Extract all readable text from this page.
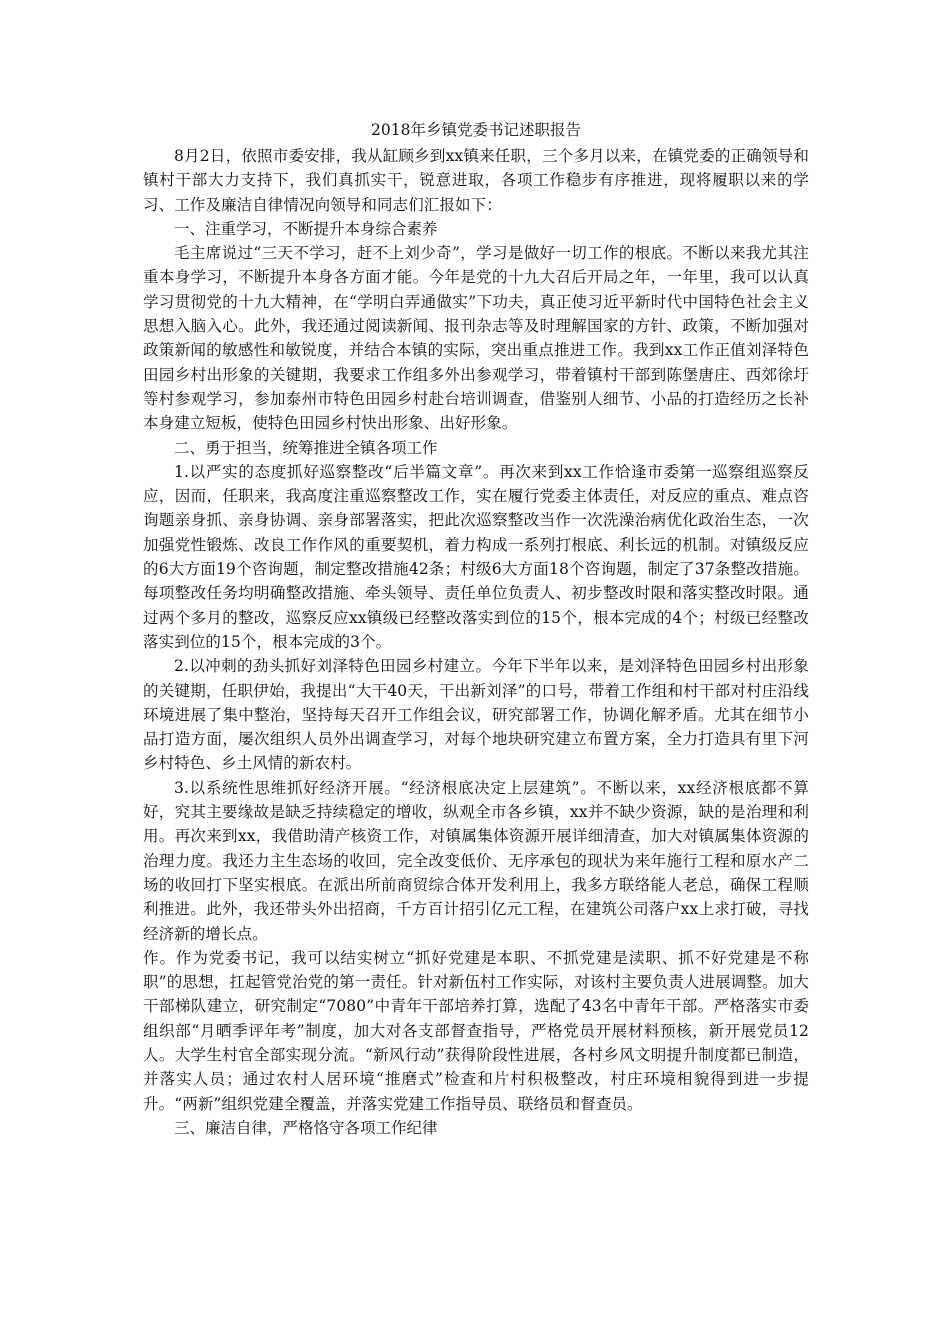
2018年乡镇党委书记述职报告

8月2日，依照市委安排，我从缸顾乡到xx镇来任职，三个多月以来，在镇党委的正确领导和镇村干部大力支持下，我们真抓实干，锐意进取，各项工作稳步有序推进，现将履职以来的学习、工作及廉洁自律情况向领导和同志们汇报如下：

一、注重学习，不断提升本身综合素养

毛主席说过“三天不学习，赶不上刘少奇”，学习是做好一切工作的根底。不断以来我尤其注重本身学习，不断提升本身各方面才能。今年是党的十九大召后开局之年，一年里，我可以认真学习贯彻党的十九大精神，在“学明白弄通做实”下功夫，真正使习近平新时代中国特色社会主义思想入脑入心。此外，我还通过阅读新闻、报刊杂志等及时理解国家的方针、政策，不断加强对政策新闻的敏感性和敏锐度，并结合本镇的实际，突出重点推进工作。我到xx工作正值刘泽特色田园乡村出形象的关键期，我要求工作组多外出参观学习，带着镇村干部到陈堡唐庄、西郊徐圩等村参观学习，参加泰州市特色田园乡村赴台培训调查，借鉴别人细节、小品的打造经历之长补本身建立短板，使特色田园乡村快出形象、出好形象。

二、勇于担当，统筹推进全镇各项工作

1.以严实的态度抓好巡察整改“后半篇文章”。再次来到xx工作恰逢市委第一巡察组巡察反应，因而，任职来，我高度注重巡察整改工作，实在履行党委主体责任，对反应的重点、难点咨询题亲身抓、亲身协调、亲身部署落实，把此次巡察整改当作一次洗澡治病优化政治生态，一次加强党性锻炼、改良工作作风的重要契机，着力构成一系列打根底、利长远的机制。对镇级反应的6大方面19个咨询题，制定整改措施42条；村级6大方面18个咨询题，制定了37条整改措施。每项整改任务均明确整改措施、牵头领导、责任单位负责人、初步整改时限和落实整改时限。通过两个多月的整改，巡察反应xx镇级已经整改落实到位的15个，根本完成的4个；村级已经整改落实到位的15个，根本完成的3个。

2.以冲刺的劲头抓好刘泽特色田园乡村建立。今年下半年以来，是刘泽特色田园乡村出形象的关键期，任职伊始，我提出“大干40天，干出新刘泽”的口号，带着工作组和村干部对村庄沿线环境进展了集中整治，坚持每天召开工作组会议，研究部署工作，协调化解矛盾。尤其在细节小品打造方面，屡次组织人员外出调查学习，对每个地块研究建立布置方案，全力打造具有里下河乡村特色、乡土风情的新农村。

3.以系统性思维抓好经济开展。“经济根底决定上层建筑”。不断以来，xx经济根底都不算好，究其主要缘故是缺乏持续稳定的增收，纵观全市各乡镇，xx并不缺少资源，缺的是治理和利用。再次来到xx，我借助清产核资工作，对镇属集体资源开展详细清查，加大对镇属集体资源的治理力度。我还力主生态场的收回，完全改变低价、无序承包的现状为来年施行工程和原水产二场的收回打下坚实根底。在派出所前商贸综合体开发利用上，我多方联络能人老总，确保工程顺利推进。此外，我还带头外出招商，千方百计招引亿元工程，在建筑公司落户xx上求打破，寻找经济新的增长点。

作。作为党委书记，我可以结实树立“抓好党建是本职、不抓党建是渎职、抓不好党建是不称职”的思想，扛起管党治党的第一责任。针对新伍村工作实际，对该村主要负责人进展调整。加大干部梯队建立，研究制定“7080”中青年干部培养打算，选配了43名中青年干部。严格落实市委组织部“月晒季评年考”制度，加大对各支部督查指导，严格党员开展材料预核，新开展党员12人。大学生村官全部实现分流。“新风行动”获得阶段性进展，各村乡风文明提升制度都已制造，并落实人员；通过农村人居环境“推磨式”检查和片村积极整改，村庄环境相貌得到进一步提升。“两新”组织党建全覆盖，并落实党建工作指导员、联络员和督查员。

三、廉洁自律，严格恪守各项工作纪律
